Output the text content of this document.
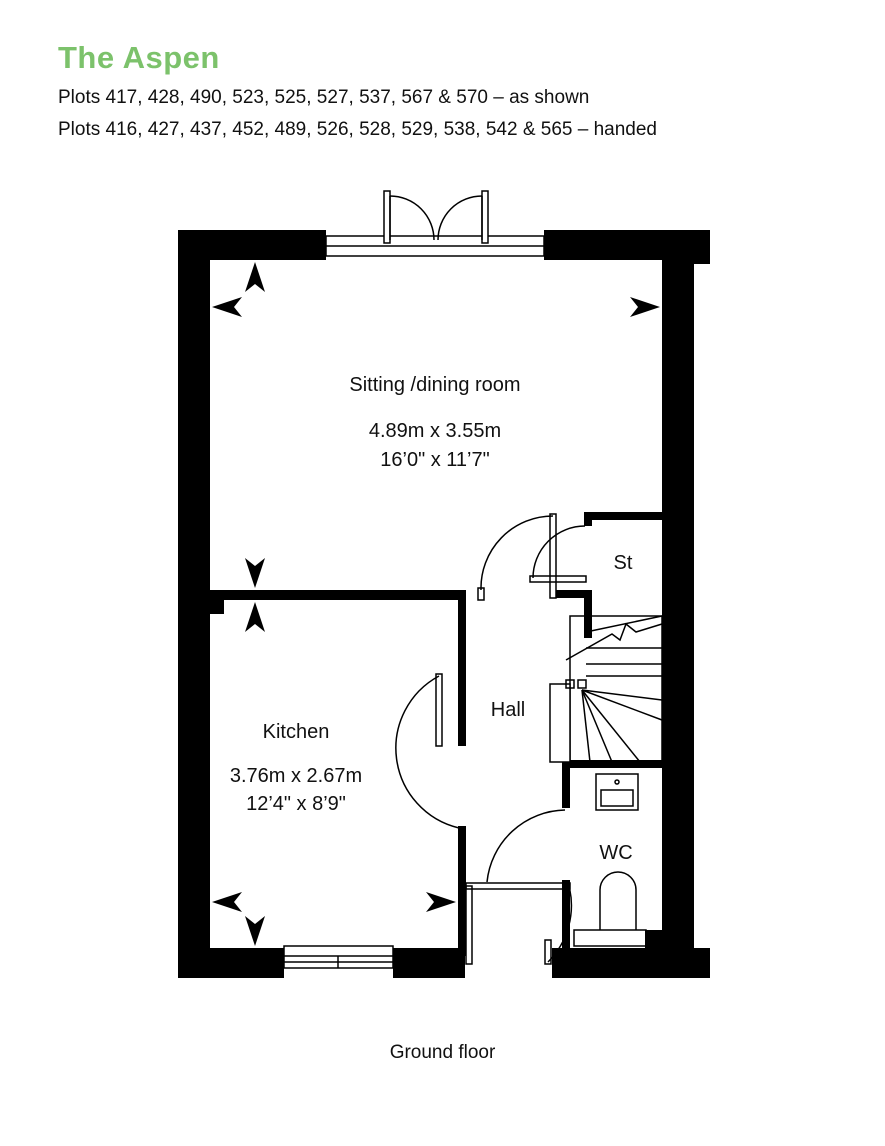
The Aspen
Plots 417, 428, 490, 523, 525, 527, 537, 567 & 570 – as shown
Plots 416, 427, 437, 452, 489, 526, 528, 529, 538, 542 & 565 – handed
Sitting /dining room
4.89m x 3.55m
16’0" x 11’7"
Kitchen
3.76m x 2.67m
12’4" x 8’9"
Hall
St
WC
Ground floor
